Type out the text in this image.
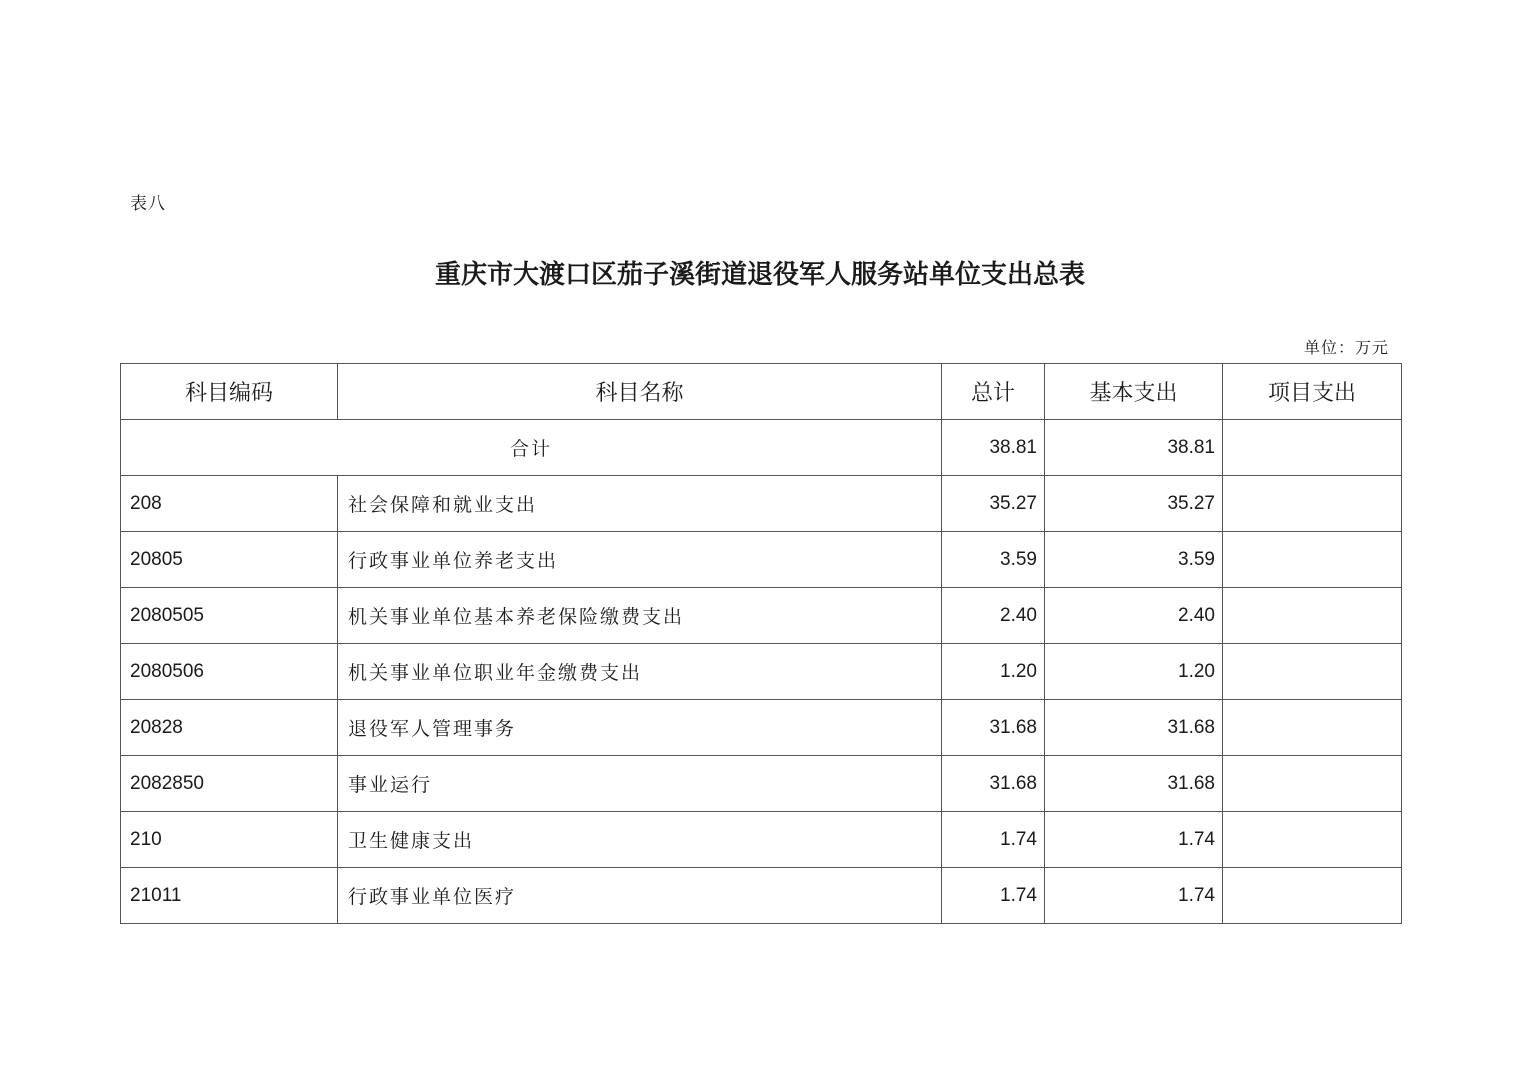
表八
重庆市大渡口区茄子溪街道退役军人服务站单位支出总表
单位：万元
科目编码	科目名称	总计	基本支出	项目支出
合计		38.81	38.81	
208	社会保障和就业支出	35.27	35.27	
20805	行政事业单位养老支出	3.59	3.59	
2080505	机关事业单位基本养老保险缴费支出	2.40	2.40	
2080506	机关事业单位职业年金缴费支出	1.20	1.20	
20828	退役军人管理事务	31.68	31.68	
2082850	事业运行	31.68	31.68	
210	卫生健康支出	1.74	1.74	
21011	行政事业单位医疗	1.74	1.74	
